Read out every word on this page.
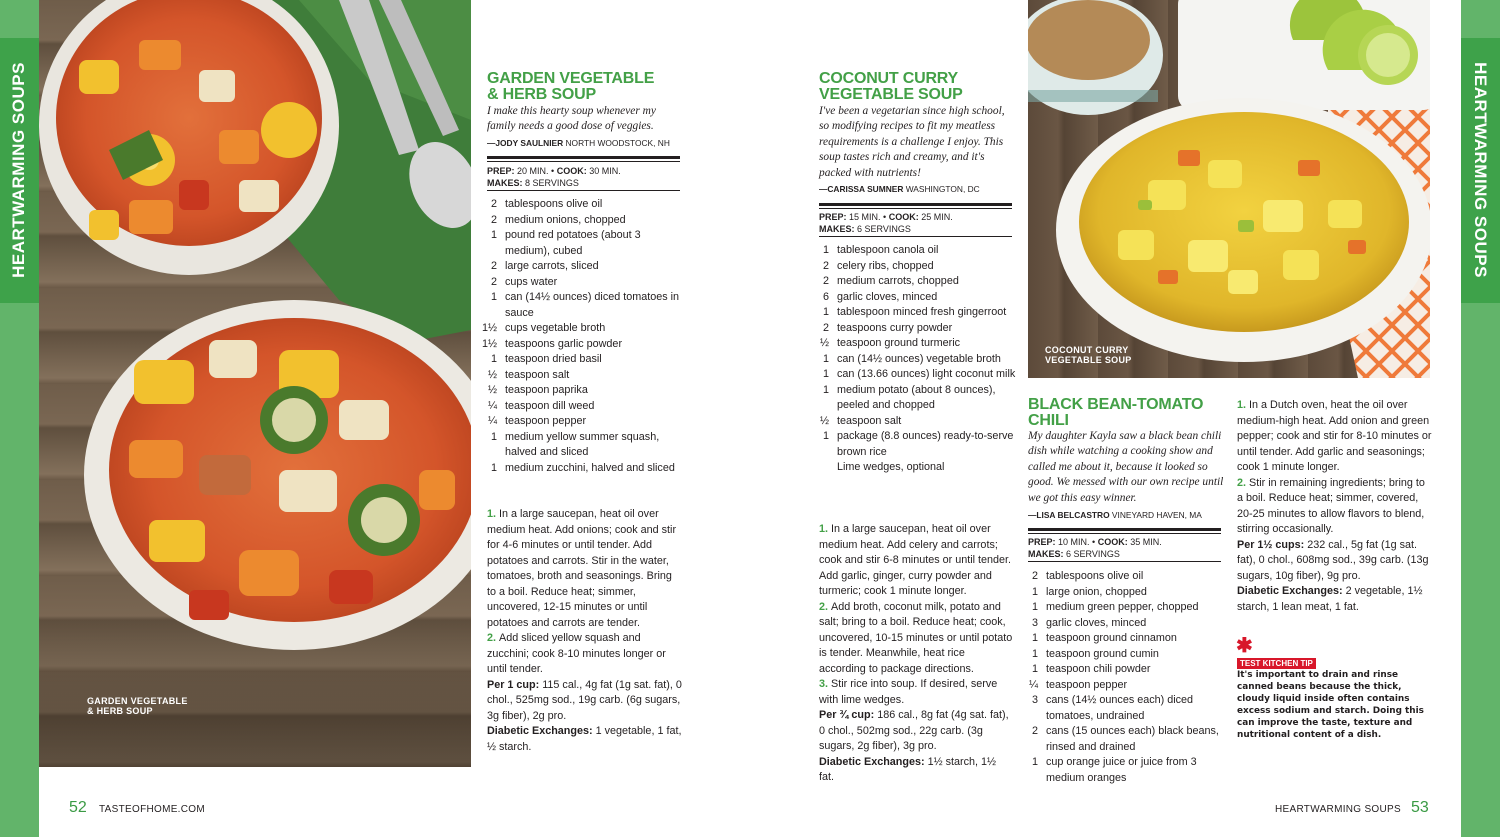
HEARTWARMING SOUPS	HEARTWARMING SOUPS
GARDEN VEGETABLE
& HERB SOUP
COCONUT CURRY
VEGETABLE SOUP
GARDEN VEGETABLE
& HERB SOUP
I make this hearty soup whenever my family needs a good dose of veggies.
—JODY SAULNIER NORTH WOODSTOCK, NH
PREP: 20 MIN. • COOK: 30 MIN.
MAKES: 8 SERVINGS
2 tablespoons olive oil
2 medium onions, chopped
1 pound red potatoes (about 3 medium), cubed
2 large carrots, sliced
2 cups water
1 can (14½ ounces) diced tomatoes in sauce
1½ cups vegetable broth
1½ teaspoons garlic powder
1 teaspoon dried basil
½ teaspoon salt
½ teaspoon paprika
¼ teaspoon dill weed
¼ teaspoon pepper
1 medium yellow summer squash, halved and sliced
1 medium zucchini, halved and sliced

1. In a large saucepan, heat oil over medium heat. Add onions; cook and stir for 4-6 minutes or until tender. Add potatoes and carrots. Stir in the water, tomatoes, broth and seasonings. Bring to a boil. Reduce heat; simmer, uncovered, 12-15 minutes or until potatoes and carrots are tender.

2. Add sliced yellow squash and zucchini; cook 8-10 minutes longer or until tender.

Per 1 cup: 115 cal., 4g fat (1g sat. fat), 0 chol., 525mg sod., 19g carb. (6g sugars, 3g fiber), 2g pro.

Diabetic Exchanges: 1 vegetable, 1 fat, ½ starch.

COCONUT CURRY
VEGETABLE SOUP
I've been a vegetarian since high school, so modifying recipes to fit my meatless requirements is a challenge I enjoy. This soup tastes rich and creamy, and it's packed with nutrients!
—CARISSA SUMNER WASHINGTON, DC
PREP: 15 MIN. • COOK: 25 MIN.
MAKES: 6 SERVINGS
1 tablespoon canola oil
2 celery ribs, chopped
2 medium carrots, chopped
6 garlic cloves, minced
1 tablespoon minced fresh gingerroot
2 teaspoons curry powder
½ teaspoon ground turmeric
1 can (14½ ounces) vegetable broth
1 can (13.66 ounces) light coconut milk
1 medium potato (about 8 ounces), peeled and chopped
½ teaspoon salt
1 package (8.8 ounces) ready-to-serve brown rice
Lime wedges, optional

1. In a large saucepan, heat oil over medium heat. Add celery and carrots; cook and stir 6-8 minutes or until tender. Add garlic, ginger, curry powder and turmeric; cook 1 minute longer.

2. Add broth, coconut milk, potato and salt; bring to a boil. Reduce heat; cook, uncovered, 10-15 minutes or until potato is tender. Meanwhile, heat rice according to package directions.

3. Stir rice into soup. If desired, serve with lime wedges.

Per ¾ cup: 186 cal., 8g fat (4g sat. fat), 0 chol., 502mg sod., 22g carb. (3g sugars, 2g fiber), 3g pro.

Diabetic Exchanges: 1½ starch, 1½ fat.

BLACK BEAN-TOMATO
CHILI
My daughter Kayla saw a black bean chili dish while watching a cooking show and called me about it, because it looked so good. We messed with our own recipe until we got this easy winner.
—LISA BELCASTRO VINEYARD HAVEN, MA
PREP: 10 MIN. • COOK: 35 MIN.
MAKES: 6 SERVINGS
2 tablespoons olive oil
1 large onion, chopped
1 medium green pepper, chopped
3 garlic cloves, minced
1 teaspoon ground cinnamon
1 teaspoon ground cumin
1 teaspoon chili powder
¼ teaspoon pepper
3 cans (14½ ounces each) diced tomatoes, undrained
2 cans (15 ounces each) black beans, rinsed and drained
1 cup orange juice or juice from 3 medium oranges

1. In a Dutch oven, heat the oil over medium-high heat. Add onion and green pepper; cook and stir for 8-10 minutes or until tender. Add garlic and seasonings; cook 1 minute longer.

2. Stir in remaining ingredients; bring to a boil. Reduce heat; simmer, covered, 20-25 minutes to allow flavors to blend, stirring occasionally.

Per 1½ cups: 232 cal., 5g fat (1g sat. fat), 0 chol., 608mg sod., 39g carb. (13g sugars, 10g fiber), 9g pro.

Diabetic Exchanges: 2 vegetable, 1½ starch, 1 lean meat, 1 fat.

✱
TEST KITCHEN TIP
It's important to drain and rinse canned beans because the thick, cloudy liquid inside often contains excess sodium and starch. Doing this can improve the taste, texture and nutritional content of a dish.
52 TASTEOFHOME.COM	HEARTWARMING SOUPS 53
